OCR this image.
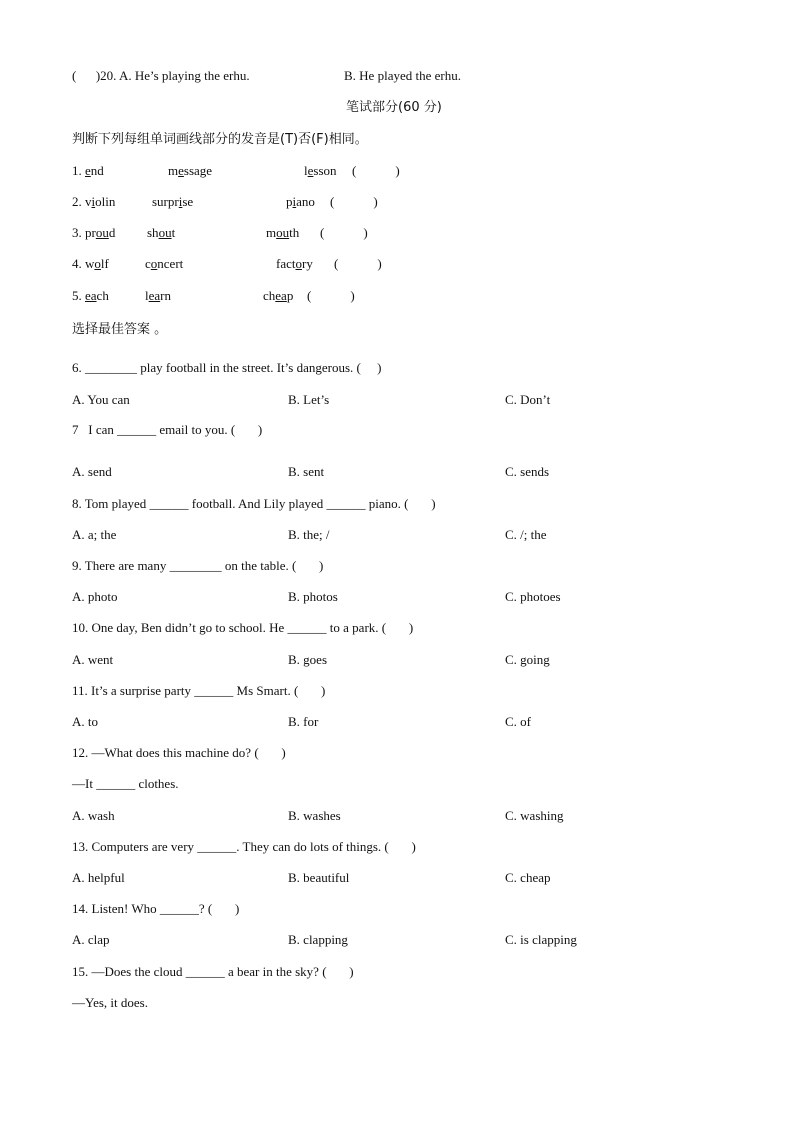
(      )20. A. He’s playing the erhu.	B. He played the erhu.
笔试部分(60 分)
判断下列每组单词画线部分的发音是(T)否(F)相同。
1. end	message	lesson (            )
2. violin	surprise	piano (            )
3. proud shout	mouth (            )
4. wolf	concert	factory (            )
5. each	learn	cheap (            )
选择最佳答案 。
6. ________ play football in the street. It’s dangerous. (     )
A. You can	B. Let’s	C. Don’t
7   I can ______ email to you. (       )
A. send	B. sent	C. sends
8. Tom played ______ football. And Lily played ______ piano. (       )
A. a; the	B. the; /	C. /; the
9. There are many ________ on the table. (       )
A. photo	B. photos	C. photoes
10. One day, Ben didn’t go to school. He ______ to a park. (       )
A. went	B. goes	C. going
11. It’s a surprise party ______ Ms Smart. (       )
A. to	B. for	C. of
12. —What does this machine do? (       )
—It ______ clothes.
A. wash	B. washes	C. washing
13. Computers are very ______. They can do lots of things. (       )
A. helpful	B. beautiful	C. cheap
14. Listen! Who ______? (       )
A. clap	B. clapping	C. is clapping
15. —Does the cloud ______ a bear in the sky? (       )
—Yes, it does.
